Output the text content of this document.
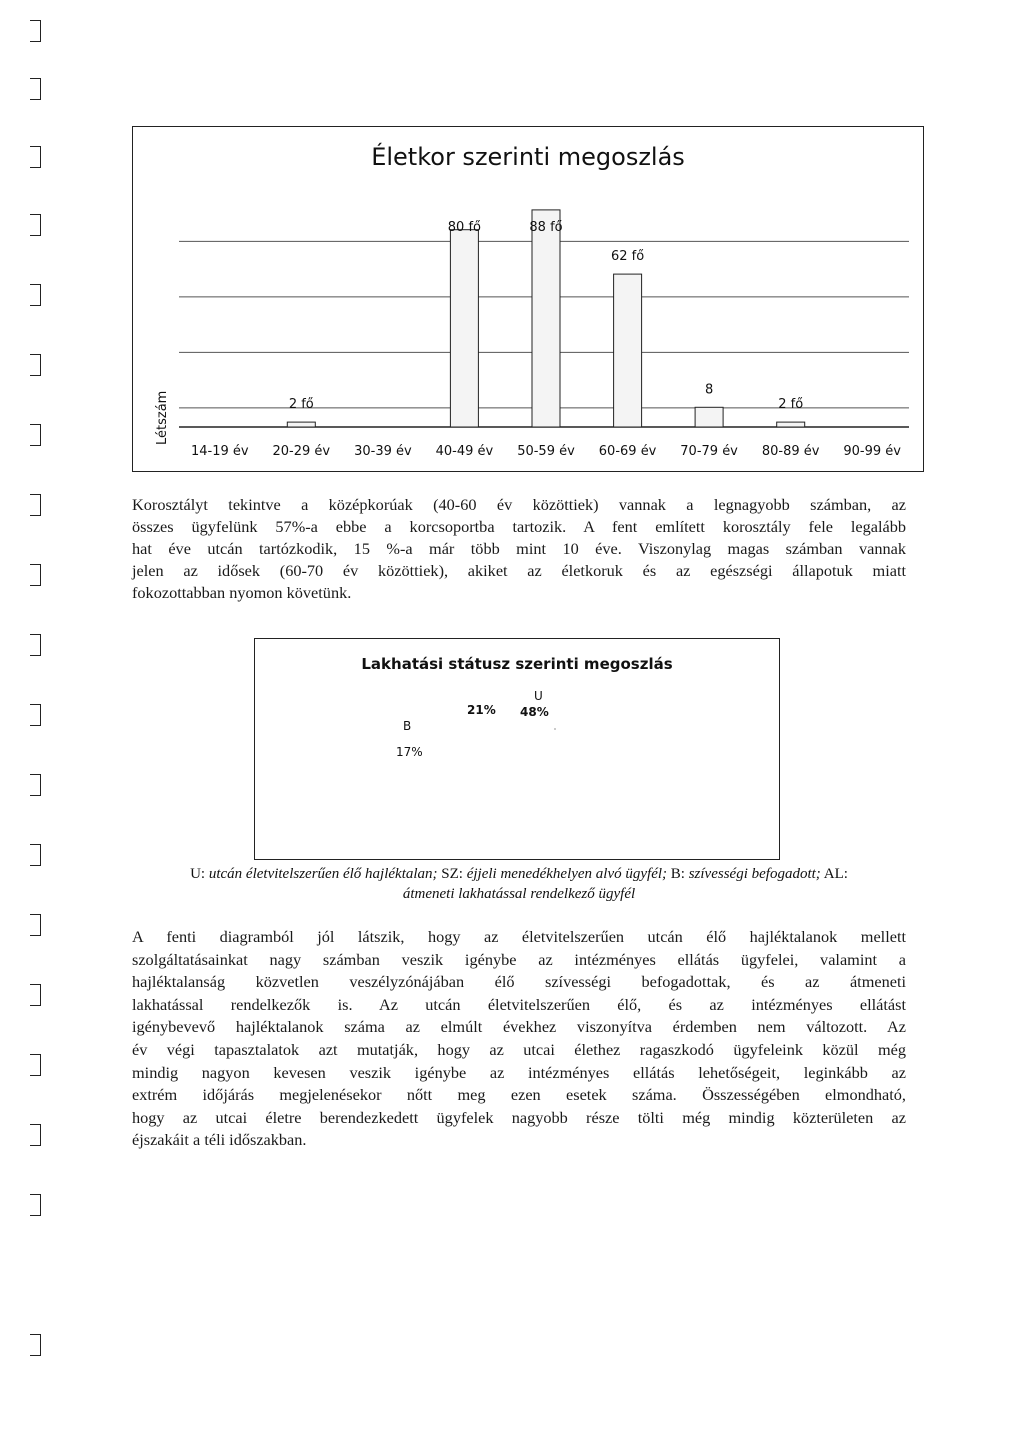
Életkor szerinti megoszlás
Létszám
14-19 év 20-29 év
2 fő
30-39 év 40-49 év
80 fő
50-59 év
88 fő
60-69 év
62 fő
70-79 év
8
80-89 év
2 fő
90-99 év
Korosztályt tekintve a középkorúak (40-60 év közöttiek) vannak a legnagyobb számban, az
összes ügyfelünk 57%-a ebbe a korcsoportba tartozik. A fent említett korosztály fele legalább
hat éve utcán tartózkodik, 15 %-a már több mint 10 éve. Viszonylag magas számban vannak
jelen az idősek (60-70 év közöttiek), akiket az életkoruk és az egészségi állapotuk miatt
fokozottabban nyomon követünk.
Lakhatási státusz szerinti megoszlás
U
48%
21%
B
17%
U: utcán életvitelszerűen élő hajléktalan; SZ: éjjeli menedékhelyen alvó ügyfél; B: szívességi befogadott; AL:
átmeneti lakhatással rendelkező ügyfél
A fenti diagramból jól látszik, hogy az életvitelszerűen utcán élő hajléktalanok mellett
szolgáltatásainkat nagy számban veszik igénybe az intézményes ellátás ügyfelei, valamint a
hajléktalanság közvetlen veszélyzónájában élő szívességi befogadottak, és az átmeneti
lakhatással rendelkezők is. Az utcán életvitelszerűen élő, és az intézményes ellátást
igénybevevő hajléktalanok száma az elmúlt évekhez viszonyítva érdemben nem változott. Az
év végi tapasztalatok azt mutatják, hogy az utcai élethez ragaszkodó ügyfeleink közül még
mindig nagyon kevesen veszik igénybe az intézményes ellátás lehetőségeit, leginkább az
extrém időjárás megjelenésekor nőtt meg ezen esetek száma. Összességében elmondható,
hogy az utcai életre berendezkedett ügyfelek nagyobb része tölti még mindig közterületen az
éjszakáit a téli időszakban.
